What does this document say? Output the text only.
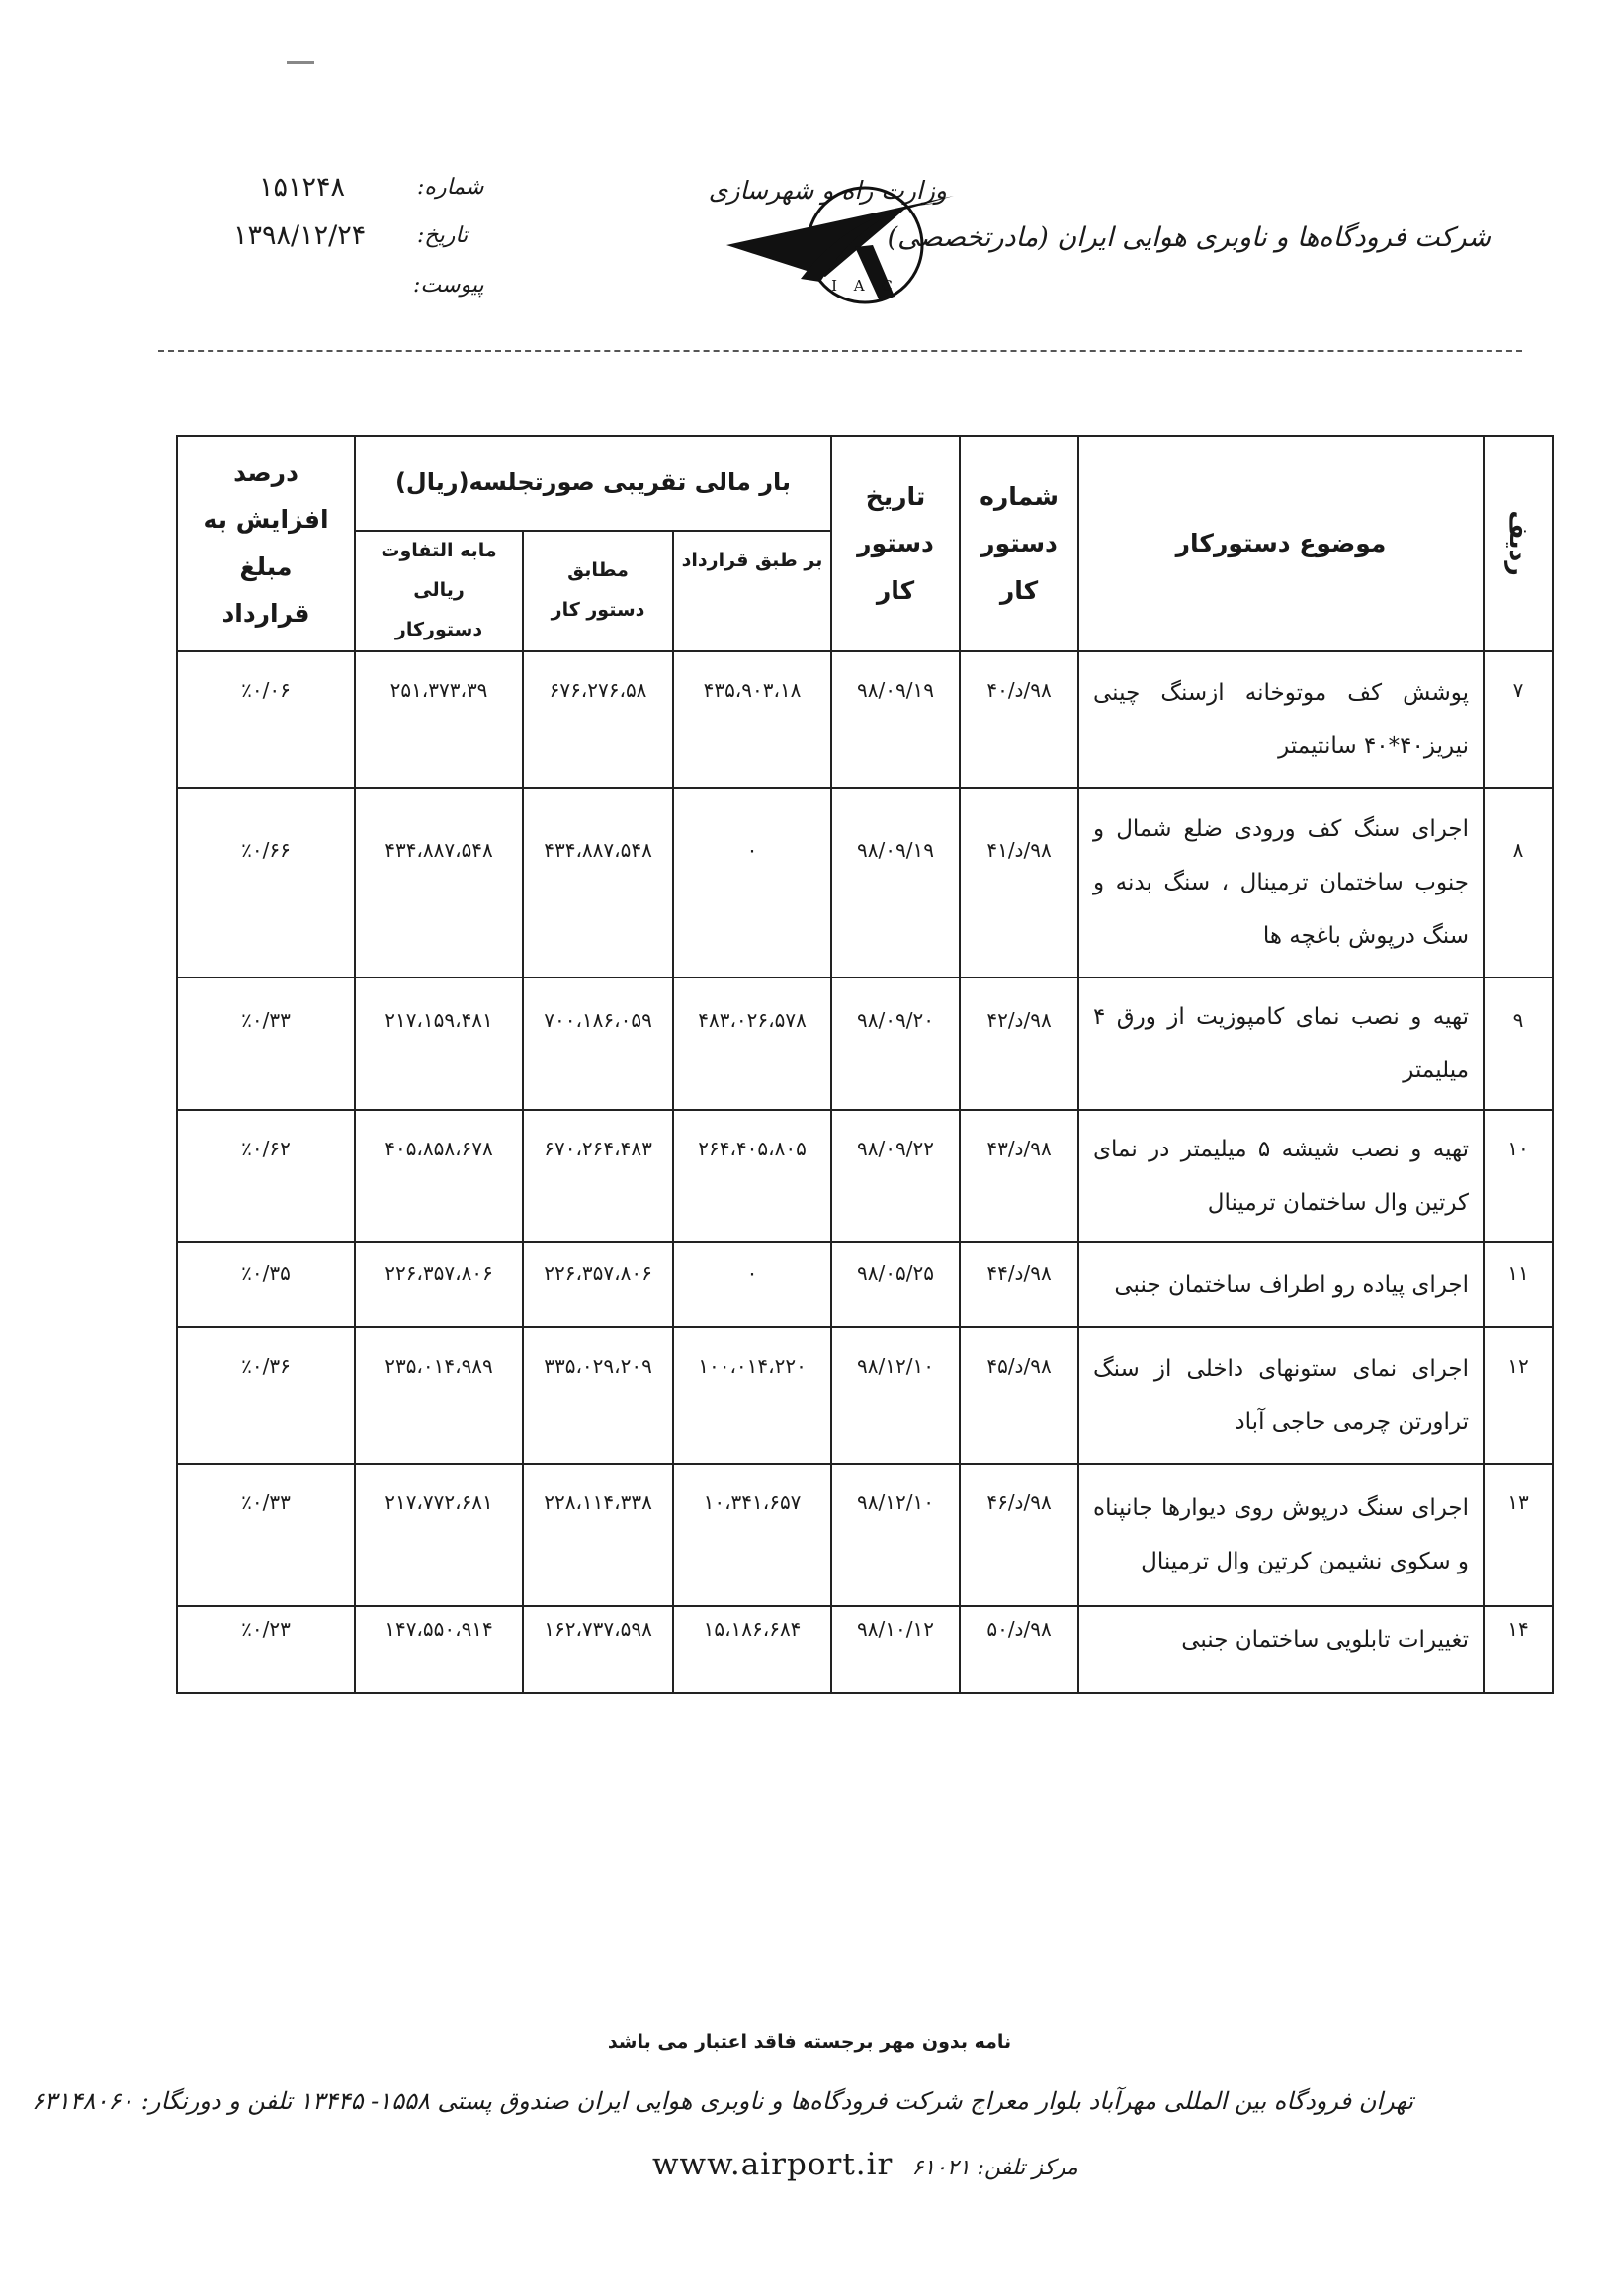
وزارت راه و شهرسازی
شرکت فرودگاه‌ها و ناوبری هوایی ایران (مادرتخصصی)
I A C
شماره:
۱۵۱۲۴۸
تاریخ:
۱۳۹۸/۱۲/۲۴
پیوست:
ردیف	موضوع دستورکار	شماره دستور کار	تاریخ دستور کار	بار مالی تقریبی صورتجلسه(ریال)			درصد افزایش به مبلغ قرارداد
				بر طبق قرارداد	مطابق دستور کار	مابه التفاوت ریالی دستورکار	
۷	پوشش کف موتوخانه ازسنگ چینی نیریز۴۰*۴۰ سانتیمتر	۹۸/د/۴۰	۹۸/۰۹/۱۹	۴۳۵،۹۰۳،۱۸	۶۷۶،۲۷۶،۵۸	۲۵۱،۳۷۳،۳۹	٪۰/۰۶
۸	اجرای سنگ کف ورودی ضلع شمال و جنوب ساختمان ترمینال ، سنگ بدنه و سنگ درپوش باغچه ها	۹۸/د/۴۱	۹۸/۰۹/۱۹	۰	۴۳۴،۸۸۷،۵۴۸	۴۳۴،۸۸۷،۵۴۸	٪۰/۶۶
۹	تهیه و نصب نمای کامپوزیت از ورق ۴ میلیمتر	۹۸/د/۴۲	۹۸/۰۹/۲۰	۴۸۳،۰۲۶،۵۷۸	۷۰۰،۱۸۶،۰۵۹	۲۱۷،۱۵۹،۴۸۱	٪۰/۳۳
۱۰	تهیه و نصب شیشه ۵ میلیمتر در نمای کرتین وال ساختمان ترمینال	۹۸/د/۴۳	۹۸/۰۹/۲۲	۲۶۴،۴۰۵،۸۰۵	۶۷۰،۲۶۴،۴۸۳	۴۰۵،۸۵۸،۶۷۸	٪۰/۶۲
۱۱	اجرای پیاده رو اطراف ساختمان جنبی	۹۸/د/۴۴	۹۸/۰۵/۲۵	۰	۲۲۶،۳۵۷،۸۰۶	۲۲۶،۳۵۷،۸۰۶	٪۰/۳۵
۱۲	اجرای نمای ستونهای داخلی از سنگ تراورتن چرمی حاجی آباد	۹۸/د/۴۵	۹۸/۱۲/۱۰	۱۰۰،۰۱۴،۲۲۰	۳۳۵،۰۲۹،۲۰۹	۲۳۵،۰۱۴،۹۸۹	٪۰/۳۶
۱۳	اجرای سنگ درپوش روی دیوارها جانپناه و سکوی نشیمن کرتین وال ترمینال	۹۸/د/۴۶	۹۸/۱۲/۱۰	۱۰،۳۴۱،۶۵۷	۲۲۸،۱۱۴،۳۳۸	۲۱۷،۷۷۲،۶۸۱	٪۰/۳۳
۱۴	تغییرات تابلویی ساختمان جنبی	۹۸/د/۵۰	۹۸/۱۰/۱۲	۱۵،۱۸۶،۶۸۴	۱۶۲،۷۳۷،۵۹۸	۱۴۷،۵۵۰،۹۱۴	٪۰/۲۳
نامه بدون مهر برجسته فاقد اعتبار می باشد
تهران فرودگاه بین المللی مهرآباد بلوار معراج شرکت فرودگاه‌ها و ناوبری هوایی ایران صندوق پستی ۱۵۵۸- ۱۳۴۴۵ تلفن و دورنگار: ۶۳۱۴۸۰۶۰
www.airport.ir مرکز تلفن: ۶۱۰۲۱
